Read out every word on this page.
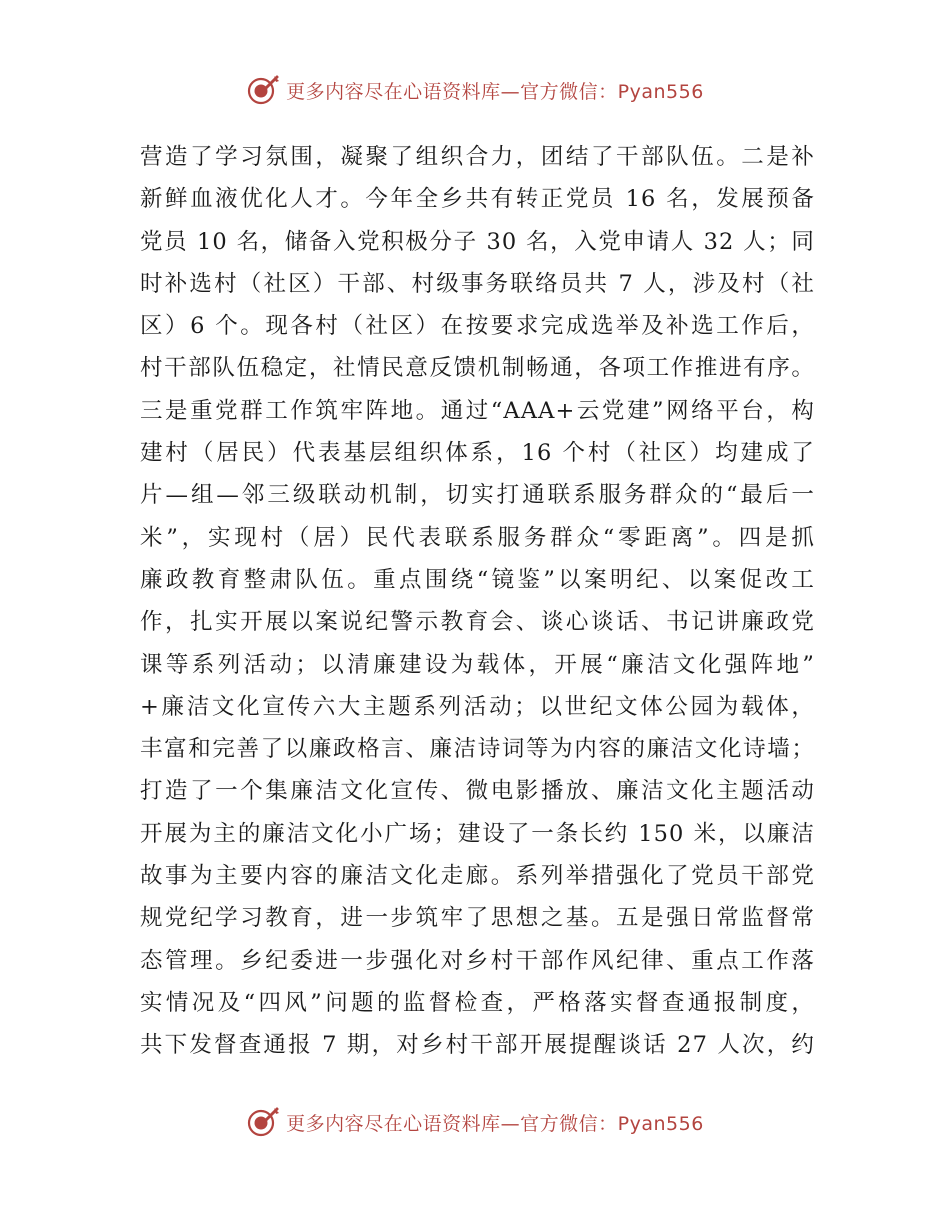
更多内容尽在心语资料库—官方微信：Pyan556
营造了学习氛围，凝聚了组织合力，团结了干部队伍。二是补
新鲜血液优化人才。今年全乡共有转正党员 16 名，发展预备
党员 10 名，储备入党积极分子 30 名，入党申请人 32 人；同
时补选村（社区）干部、村级事务联络员共 7 人，涉及村（社
区）6 个。现各村（社区）在按要求完成选举及补选工作后，
村干部队伍稳定，社情民意反馈机制畅通，各项工作推进有序。
三是重党群工作筑牢阵地。通过“AAA+云党建”网络平台，构
建村（居民）代表基层组织体系，16 个村（社区）均建成了
片—组—邻三级联动机制，切实打通联系服务群众的“最后一
米”，实现村（居）民代表联系服务群众“零距离”。四是抓
廉政教育整肃队伍。重点围绕“镜鉴”以案明纪、以案促改工
作，扎实开展以案说纪警示教育会、谈心谈话、书记讲廉政党
课等系列活动；以清廉建设为载体，开展“廉洁文化强阵地”
+廉洁文化宣传六大主题系列活动；以世纪文体公园为载体，
丰富和完善了以廉政格言、廉洁诗词等为内容的廉洁文化诗墙；
打造了一个集廉洁文化宣传、微电影播放、廉洁文化主题活动
开展为主的廉洁文化小广场；建设了一条长约 150 米，以廉洁
故事为主要内容的廉洁文化走廊。系列举措强化了党员干部党
规党纪学习教育，进一步筑牢了思想之基。五是强日常监督常
态管理。乡纪委进一步强化对乡村干部作风纪律、重点工作落
实情况及“四风”问题的监督检查，严格落实督查通报制度，
共下发督查通报 7 期，对乡村干部开展提醒谈话 27 人次，约
更多内容尽在心语资料库—官方微信：Pyan556
